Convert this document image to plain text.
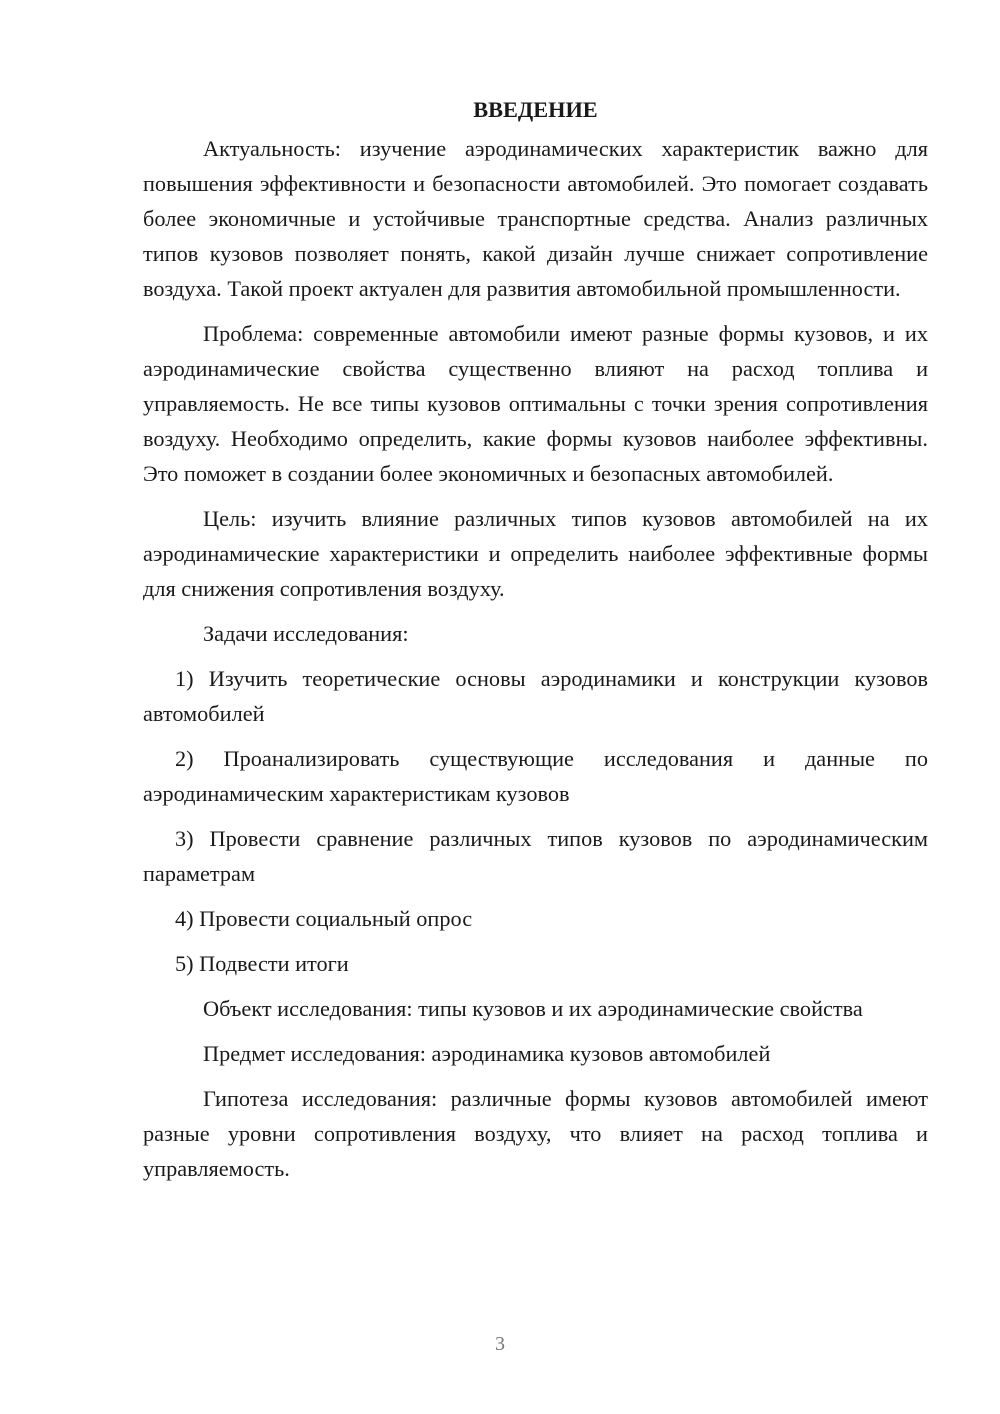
ВВЕДЕНИЕ

Актуальность: изучение аэродинамических характеристик важно для повышения эффективности и безопасности автомобилей. Это помогает создавать более экономичные и устойчивые транспортные средства. Анализ различных типов кузовов позволяет понять, какой дизайн лучше снижает сопротивление воздуха. Такой проект актуален для развития автомобильной промышленности.

Проблема: современные автомобили имеют разные формы кузовов, и их аэродинамические свойства существенно влияют на расход топлива и управляемость. Не все типы кузовов оптимальны с точки зрения сопротивления воздуху. Необходимо определить, какие формы кузовов наиболее эффективны. Это поможет в создании более экономичных и безопасных автомобилей.

Цель: изучить влияние различных типов кузовов автомобилей на их аэродинамические характеристики и определить наиболее эффективные формы для снижения сопротивления воздуху.

Задачи исследования:

1) Изучить теоретические основы аэродинамики и конструкции кузовов автомобилей

2) Проанализировать существующие исследования и данные по аэродинамическим характеристикам кузовов

3) Провести сравнение различных типов кузовов по аэродинамическим параметрам

4) Провести социальный опрос

5) Подвести итоги

Объект исследования: типы кузовов и их аэродинамические свойства

Предмет исследования: аэродинамика кузовов автомобилей

Гипотеза исследования: различные формы кузовов автомобилей имеют разные уровни сопротивления воздуху, что влияет на расход топлива и управляемость.

3
